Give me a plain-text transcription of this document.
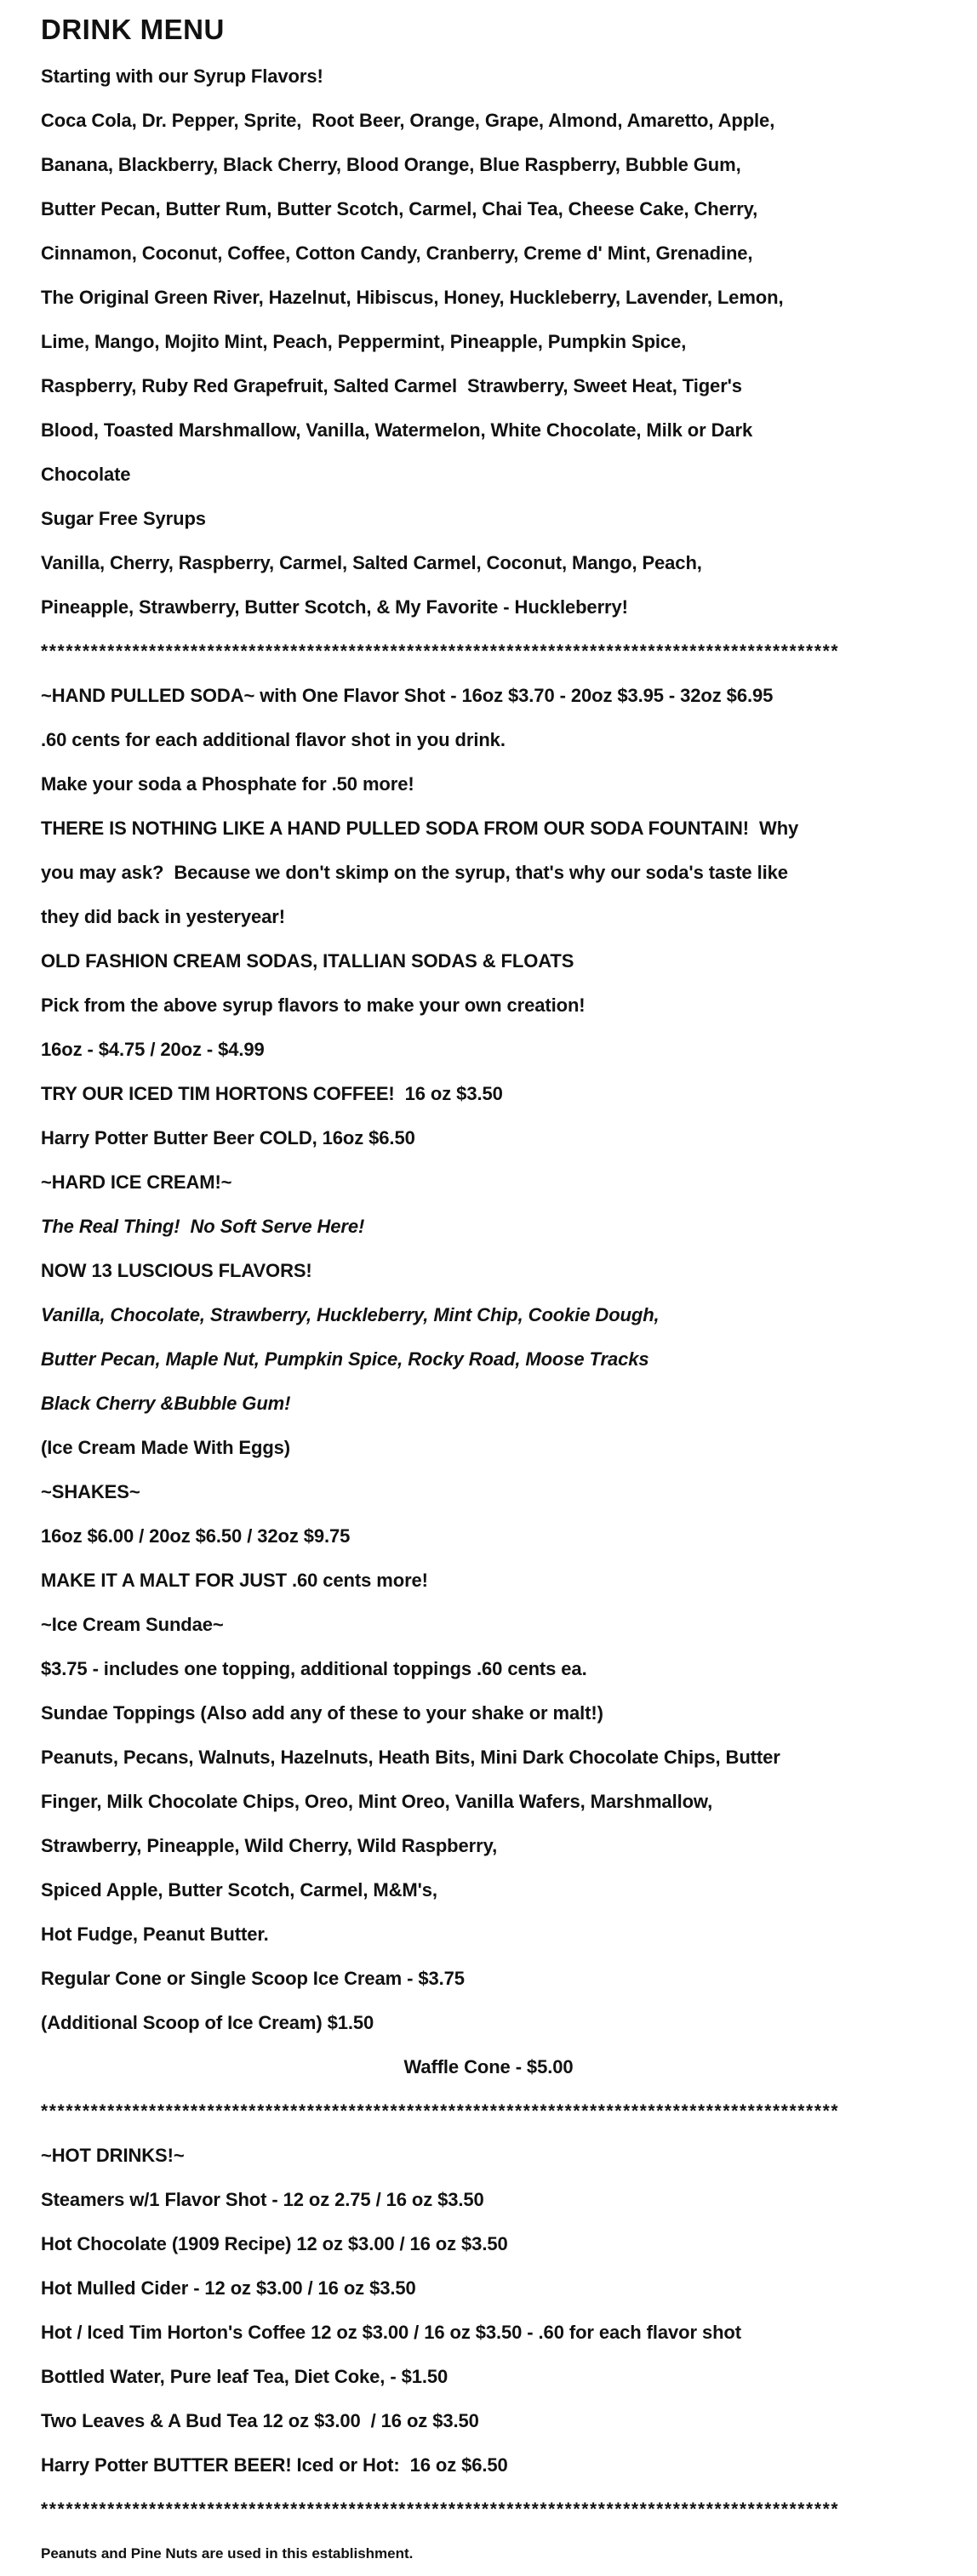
DRINK MENU

Starting with our Syrup Flavors!

Coca Cola, Dr. Pepper, Sprite,  Root Beer, Orange, Grape, Almond, Amaretto, Apple,

Banana, Blackberry, Black Cherry, Blood Orange, Blue Raspberry, Bubble Gum,

Butter Pecan, Butter Rum, Butter Scotch, Carmel, Chai Tea, Cheese Cake, Cherry,

Cinnamon, Coconut, Coffee, Cotton Candy, Cranberry, Creme d' Mint, Grenadine,

The Original Green River, Hazelnut, Hibiscus, Honey, Huckleberry, Lavender, Lemon,

Lime, Mango, Mojito Mint, Peach, Peppermint, Pineapple, Pumpkin Spice,

Raspberry, Ruby Red Grapefruit, Salted Carmel  Strawberry, Sweet Heat, Tiger's

Blood, Toasted Marshmallow, Vanilla, Watermelon, White Chocolate, Milk or Dark

Chocolate

Sugar Free Syrups

Vanilla, Cherry, Raspberry, Carmel, Salted Carmel, Coconut, Mango, Peach,

Pineapple, Strawberry, Butter Scotch, & My Favorite - Huckleberry!

************************************************************************************************

~HAND PULLED SODA~ with One Flavor Shot - 16oz $3.70 - 20oz $3.95 - 32oz $6.95

.60 cents for each additional flavor shot in you drink.

Make your soda a Phosphate for .50 more!

THERE IS NOTHING LIKE A HAND PULLED SODA FROM OUR SODA FOUNTAIN!  Why

you may ask?  Because we don't skimp on the syrup, that's why our soda's taste like

they did back in yesteryear!

OLD FASHION CREAM SODAS, ITALLIAN SODAS & FLOATS

Pick from the above syrup flavors to make your own creation!

16oz - $4.75 / 20oz - $4.99

TRY OUR ICED TIM HORTONS COFFEE!  16 oz $3.50

Harry Potter Butter Beer COLD, 16oz $6.50

~HARD ICE CREAM!~

The Real Thing!  No Soft Serve Here!

NOW 13 LUSCIOUS FLAVORS!

Vanilla, Chocolate, Strawberry, Huckleberry, Mint Chip, Cookie Dough,

Butter Pecan, Maple Nut, Pumpkin Spice, Rocky Road, Moose Tracks

Black Cherry &Bubble Gum!

(Ice Cream Made With Eggs)

~SHAKES~

16oz $6.00 / 20oz $6.50 / 32oz $9.75

MAKE IT A MALT FOR JUST .60 cents more!

~Ice Cream Sundae~

$3.75 - includes one topping, additional toppings .60 cents ea.

Sundae Toppings (Also add any of these to your shake or malt!)

Peanuts, Pecans, Walnuts, Hazelnuts, Heath Bits, Mini Dark Chocolate Chips, Butter

Finger, Milk Chocolate Chips, Oreo, Mint Oreo, Vanilla Wafers, Marshmallow,

Strawberry, Pineapple, Wild Cherry, Wild Raspberry,

Spiced Apple, Butter Scotch, Carmel, M&M's,

Hot Fudge, Peanut Butter.

Regular Cone or Single Scoop Ice Cream - $3.75

(Additional Scoop of Ice Cream) $1.50

Waffle Cone - $5.00

************************************************************************************************

~HOT DRINKS!~

Steamers w/1 Flavor Shot - 12 oz 2.75 / 16 oz $3.50

Hot Chocolate (1909 Recipe) 12 oz $3.00 / 16 oz $3.50

Hot Mulled Cider - 12 oz $3.00 / 16 oz $3.50

Hot / Iced Tim Horton's Coffee 12 oz $3.00 / 16 oz $3.50 - .60 for each flavor shot

Bottled Water, Pure leaf Tea, Diet Coke, - $1.50

Two Leaves & A Bud Tea 12 oz $3.00  / 16 oz $3.50

Harry Potter BUTTER BEER! Iced or Hot:  16 oz $6.50

************************************************************************************************

Peanuts and Pine Nuts are used in this establishment.
